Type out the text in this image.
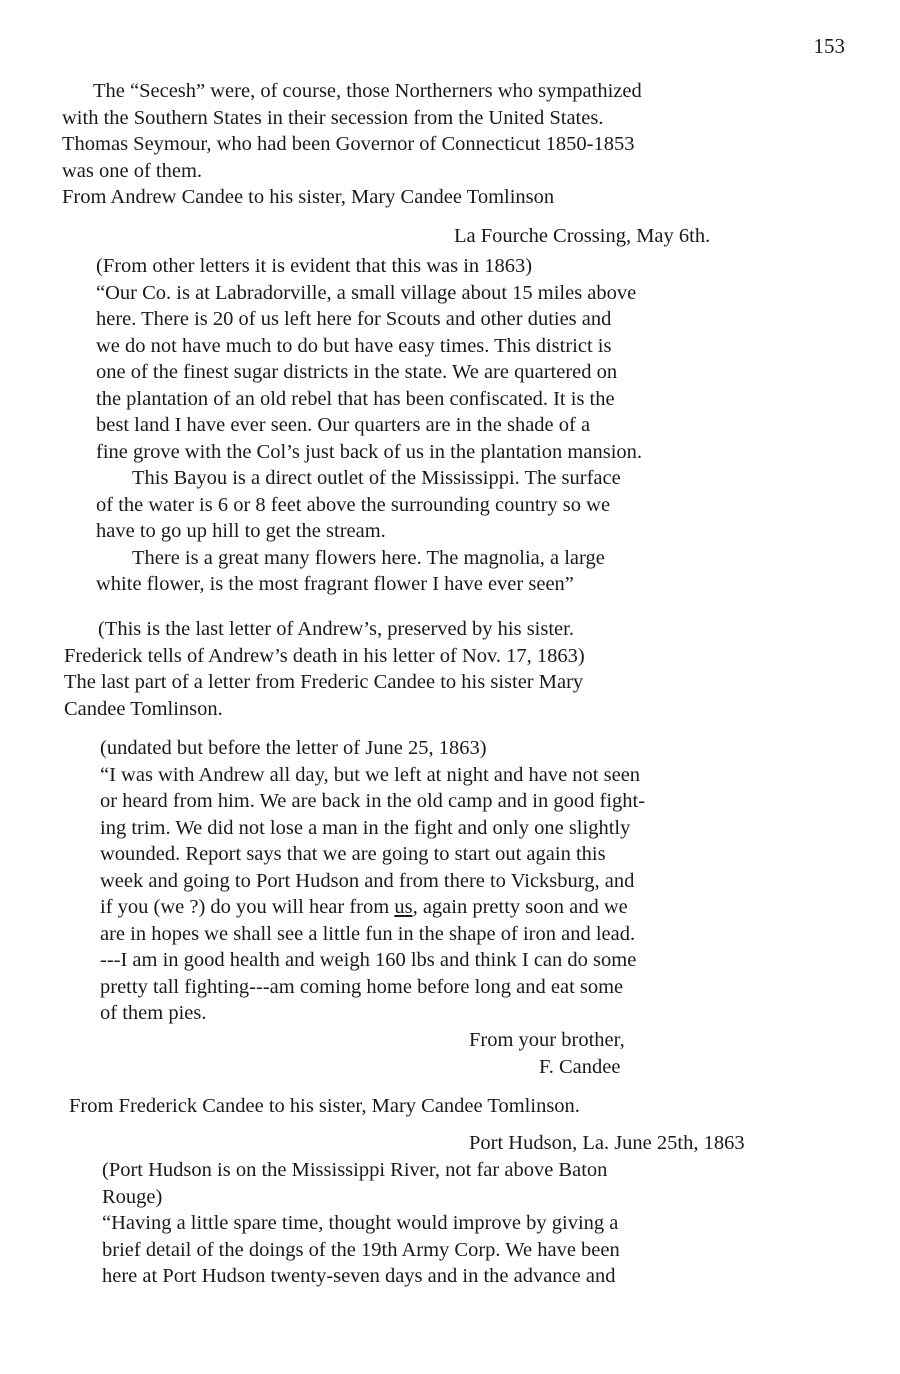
153
The “Secesh” were, of course, those Northerners who sympathized
with the Southern States in their secession from the United States.
Thomas Seymour, who had been Governor of Connecticut 1850-1853
was one of them.
From Andrew Candee to his sister, Mary Candee Tomlinson
La Fourche Crossing, May 6th.
(From other letters it is evident that this was in 1863)
“Our Co. is at Labradorville, a small village about 15 miles above
here. There is 20 of us left here for Scouts and other duties and
we do not have much to do but have easy times. This district is
one of the finest sugar districts in the state. We are quartered on
the plantation of an old rebel that has been confiscated. It is the
best land I have ever seen. Our quarters are in the shade of a
fine grove with the Col’s just back of us in the plantation mansion.
This Bayou is a direct outlet of the Mississippi. The surface
of the water is 6 or 8 feet above the surrounding country so we
have to go up hill to get the stream.
There is a great many flowers here. The magnolia, a large
white flower, is the most fragrant flower I have ever seen”
(This is the last letter of Andrew’s, preserved by his sister.
Frederick tells of Andrew’s death in his letter of Nov. 17, 1863)
The last part of a letter from Frederic Candee to his sister Mary
Candee Tomlinson.
(undated but before the letter of June 25, 1863)
“I was with Andrew all day, but we left at night and have not seen
or heard from him. We are back in the old camp and in good fight-
ing trim. We did not lose a man in the fight and only one slightly
wounded. Report says that we are going to start out again this
week and going to Port Hudson and from there to Vicksburg, and
if you (we ?) do you will hear from us, again pretty soon and we
are in hopes we shall see a little fun in the shape of iron and lead.
---I am in good health and weigh 160 lbs and think I can do some
pretty tall fighting---am coming home before long and eat some
of them pies.
From your brother,
F. Candee
From Frederick Candee to his sister, Mary Candee Tomlinson.
Port Hudson, La. June 25th, 1863
(Port Hudson is on the Mississippi River, not far above Baton
Rouge)
“Having a little spare time, thought would improve by giving a
brief detail of the doings of the 19th Army Corp. We have been
here at Port Hudson twenty-seven days and in the advance and
